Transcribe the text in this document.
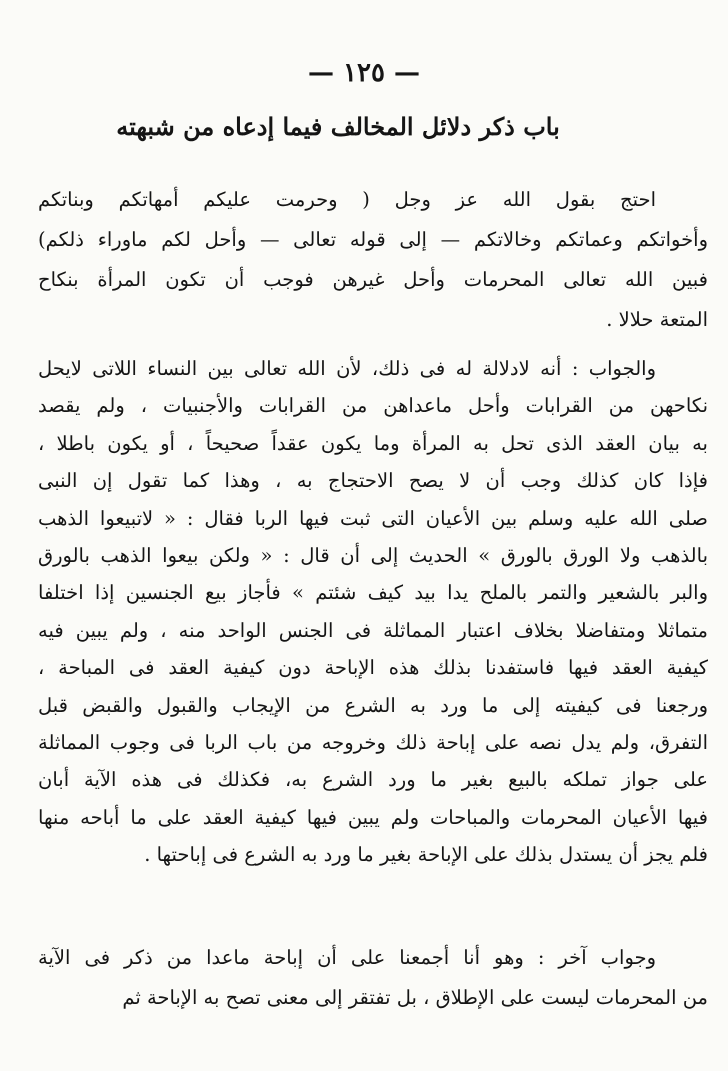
— ١٢٥ —
باب ذكر دلائل المخالف فيما إدعاه من شبهته
احتج بقول الله عز وجل ( وحرمت عليكم أمهاتكم وبناتكم
وأخواتكم وعماتكم وخالاتكم — إلى قوله تعالى — وأحل لكم ماوراء ذلكم)
فبين الله تعالى المحرمات وأحل غيرهن فوجب أن تكون المرأة بنكاح
المتعة حلالا .
والجواب : أنه لادلالة له فى ذلك، لأن الله تعالى بين النساء اللاتى لايحل
نكاحهن من القرابات وأحل ماعداهن من القرابات والأجنبيات ، ولم يقصد
به بيان العقد الذى تحل به المرأة وما يكون عقداً صحيحاً ، أو يكون باطلا ،
فإذا كان كذلك وجب أن لا يصح الاحتجاج به ، وهذا كما تقول إن النبى
صلى الله عليه وسلم بين الأعيان التى ثبت فيها الربا فقال : « لاتبيعوا الذهب
بالذهب ولا الورق بالورق » الحديث إلى أن قال : « ولكن بيعوا الذهب بالورق
والبر بالشعير والتمر بالملح يدا بيد كيف شئتم » فأجاز بيع الجنسين إذا اختلفا
متماثلا ومتفاضلا بخلاف اعتبار المماثلة فى الجنس الواحد منه ، ولم يبين فيه
كيفية العقد فيها فاستفدنا بذلك هذه الإباحة دون كيفية العقد فى المباحة ،
ورجعنا فى كيفيته إلى ما ورد به الشرع من الإيجاب والقبول والقبض قبل
التفرق، ولم يدل نصه على إباحة ذلك وخروجه من باب الربا فى وجوب المماثلة
على جواز تملكه بالبيع بغير ما ورد الشرع به، فكذلك فى هذه الآية أبان
فيها الأعيان المحرمات والمباحات ولم يبين فيها كيفية العقد على ما أباحه منها
فلم يجز أن يستدل بذلك على الإباحة بغير ما ورد به الشرع فى إباحتها .
وجواب آخر : وهو أنا أجمعنا على أن إباحة ماعدا من ذكر فى الآية
من المحرمات ليست على الإطلاق ، بل تفتقر إلى معنى تصح به الإباحة ثم
